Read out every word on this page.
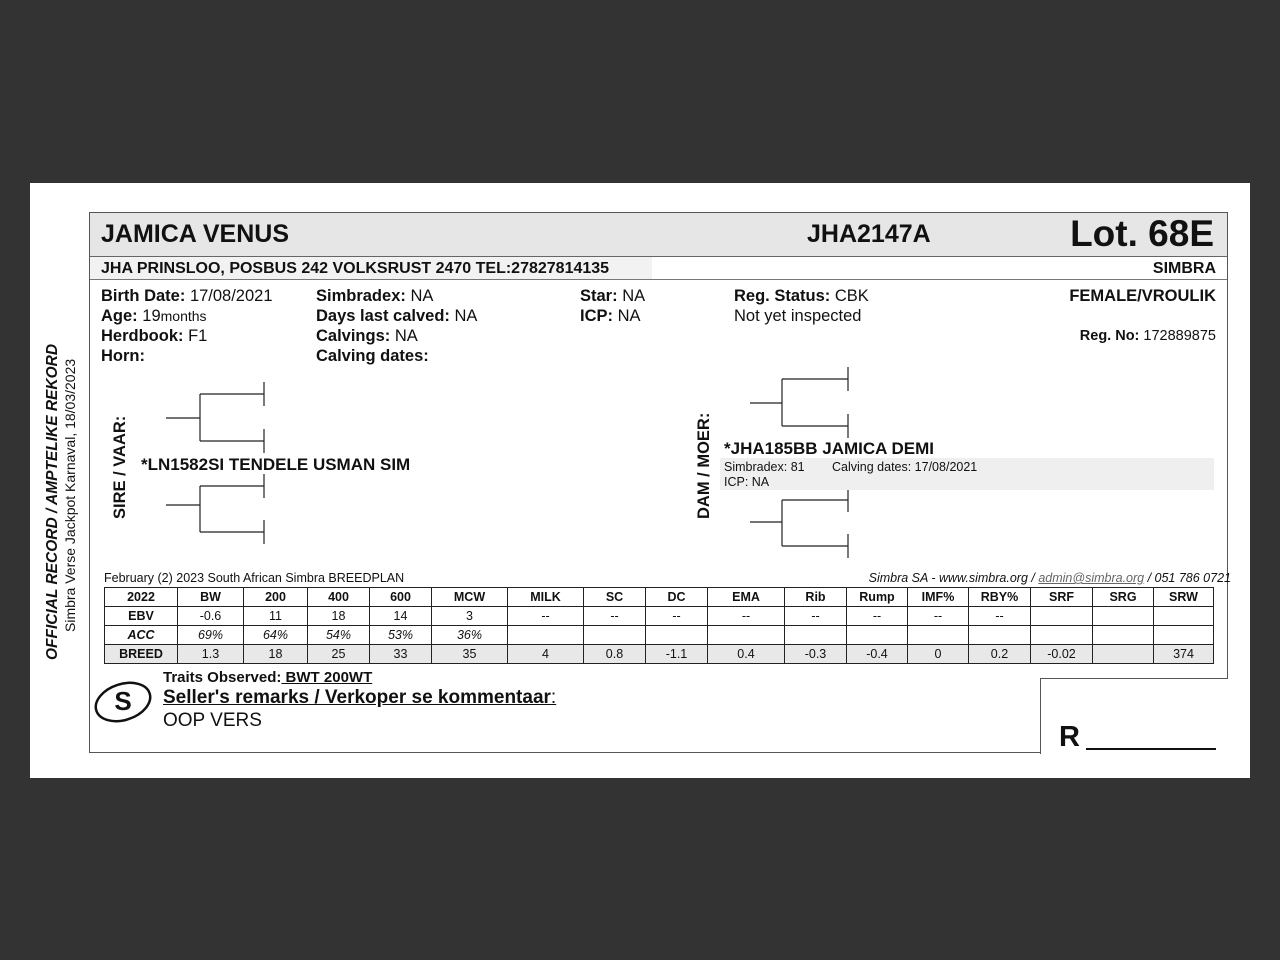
OFFICIAL RECORD / AMPTELIKE REKORD Simbra Verse Jackpot Karnaval, 18/03/2023
JAMICA VENUS	JHA2147A	Lot. 68E
JHA PRINSLOO, POSBUS 242 VOLKSRUST 2470 TEL:27827814135	SIMBRA
Birth Date: 17/08/2021
Age: 19months
Herdbook: F1
Horn:
Simbradex: NA
Days last calved: NA
Calvings: NA
Calving dates:
Star: NA
ICP: NA
Reg. Status: CBK
Not yet inspected
FEMALE/VROULIK
Reg. No: 172889875
SIRE / VAAR:	DAM / MOER:
*LN1582SI TENDELE USMAN SIM
*JHA185BB JAMICA DEMI
Simbradex: 81 Calving dates: 17/08/2021
ICP: NA
February (2) 2023 South African Simbra BREEDPLAN	Simbra SA - www.simbra.org / admin@simbra.org / 051 786 0721
2022	BW	200	400	600	MCW	MILK	SC	DC	EMA	Rib	Rump	IMF%	RBY%	SRF	SRG	SRW
EBV	-0.6	11	18	14	3	--	--	--	--	--	--	--	--			
ACC	69%	64%	54%	53%	36%											
BREED	1.3	18	25	33	35	4	0.8	-1.1	0.4	-0.3	-0.4	0	0.2	-0.02		374
S
Traits Observed: BWT 200WT
Seller's remarks / Verkoper se kommentaar:
OOP VERS
R
